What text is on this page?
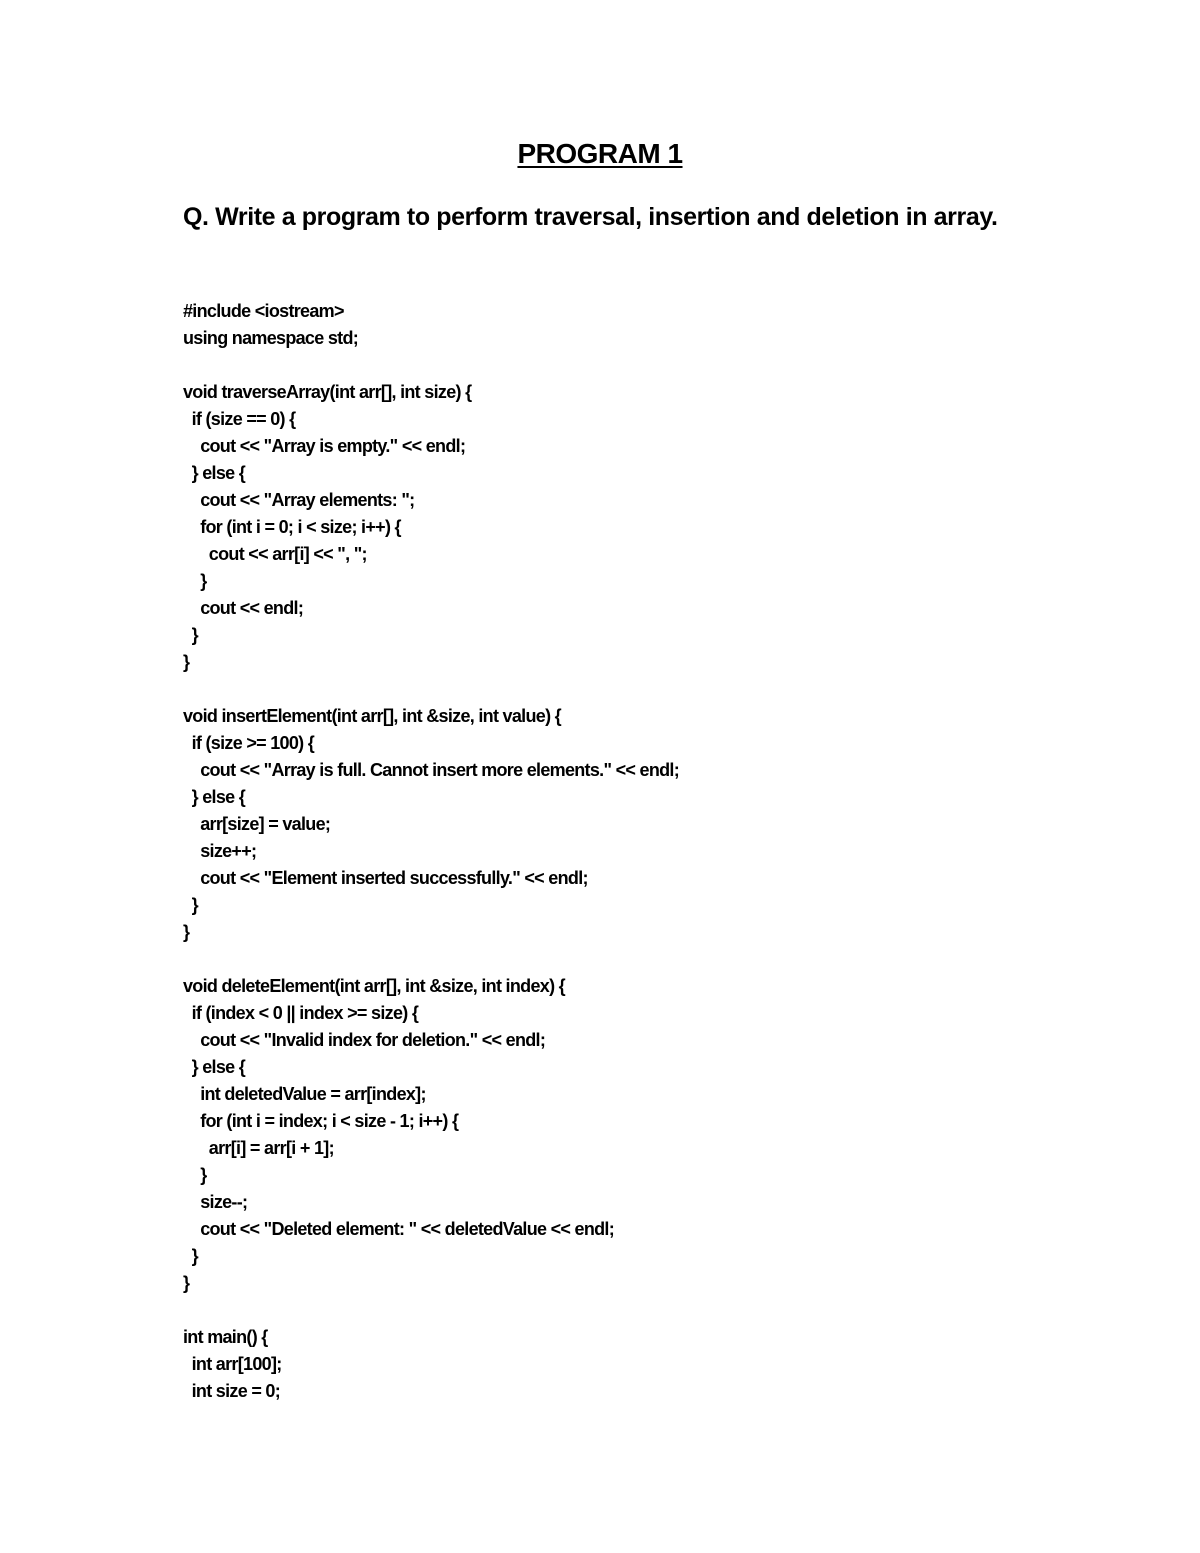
PROGRAM 1
Q. Write a program to perform traversal, insertion and deletion in array.
#include <iostream>
using namespace std;

void traverseArray(int arr[], int size) {
if (size == 0) {
cout << "Array is empty." << endl;
} else {
cout << "Array elements: ";
for (int i = 0; i < size; i++) {
cout << arr[i] << ", ";
}
cout << endl;
}
}

void insertElement(int arr[], int &size, int value) {
if (size >= 100) {
cout << "Array is full. Cannot insert more elements." << endl;
} else {
arr[size] = value;
size++;
cout << "Element inserted successfully." << endl;
}
}

void deleteElement(int arr[], int &size, int index) {
if (index < 0 || index >= size) {
cout << "Invalid index for deletion." << endl;
} else {
int deletedValue = arr[index];
for (int i = index; i < size - 1; i++) {
arr[i] = arr[i + 1];
}
size--;
cout << "Deleted element: " << deletedValue << endl;
}
}

int main() {
int arr[100];
int size = 0;
